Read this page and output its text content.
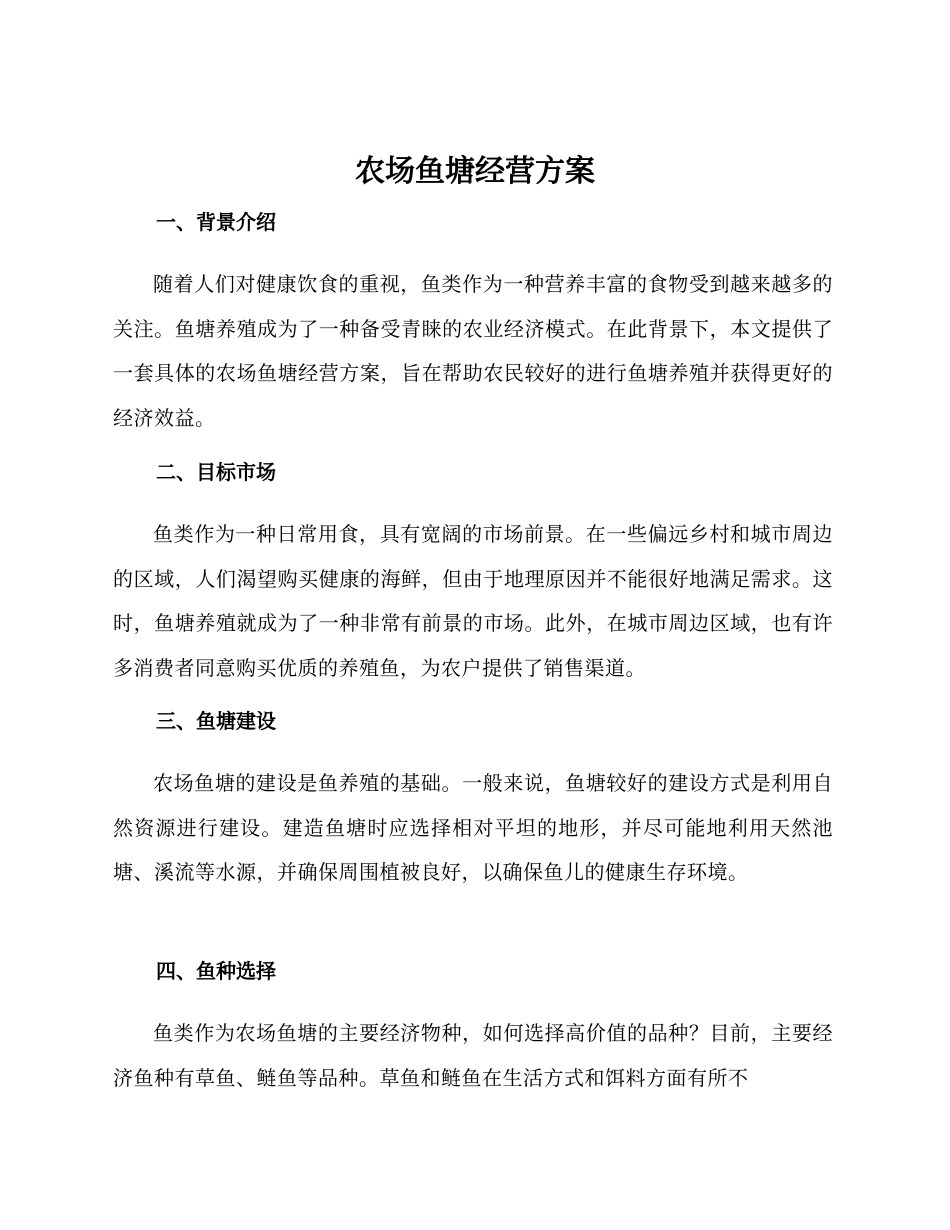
农场鱼塘经营方案
一、背景介绍

随着人们对健康饮食的重视，鱼类作为一种营养丰富的食物受到越来越多的关注。鱼塘养殖成为了一种备受青睐的农业经济模式。在此背景下，本文提供了一套具体的农场鱼塘经营方案，旨在帮助农民较好的进行鱼塘养殖并获得更好的经济效益。

二、目标市场

鱼类作为一种日常用食，具有宽阔的市场前景。在一些偏远乡村和城市周边的区域，人们渴望购买健康的海鲜，但由于地理原因并不能很好地满足需求。这时，鱼塘养殖就成为了一种非常有前景的市场。此外，在城市周边区域，也有许多消费者同意购买优质的养殖鱼，为农户提供了销售渠道。

三、鱼塘建设

农场鱼塘的建设是鱼养殖的基础。一般来说，鱼塘较好的建设方式是利用自然资源进行建设。建造鱼塘时应选择相对平坦的地形，并尽可能地利用天然池塘、溪流等水源，并确保周围植被良好，以确保鱼儿的健康生存环境。

四、鱼种选择

鱼类作为农场鱼塘的主要经济物种，如何选择高价值的品种？目前，主要经济鱼种有草鱼、鲢鱼等品种。草鱼和鲢鱼在生活方式和饵料方面有所不
